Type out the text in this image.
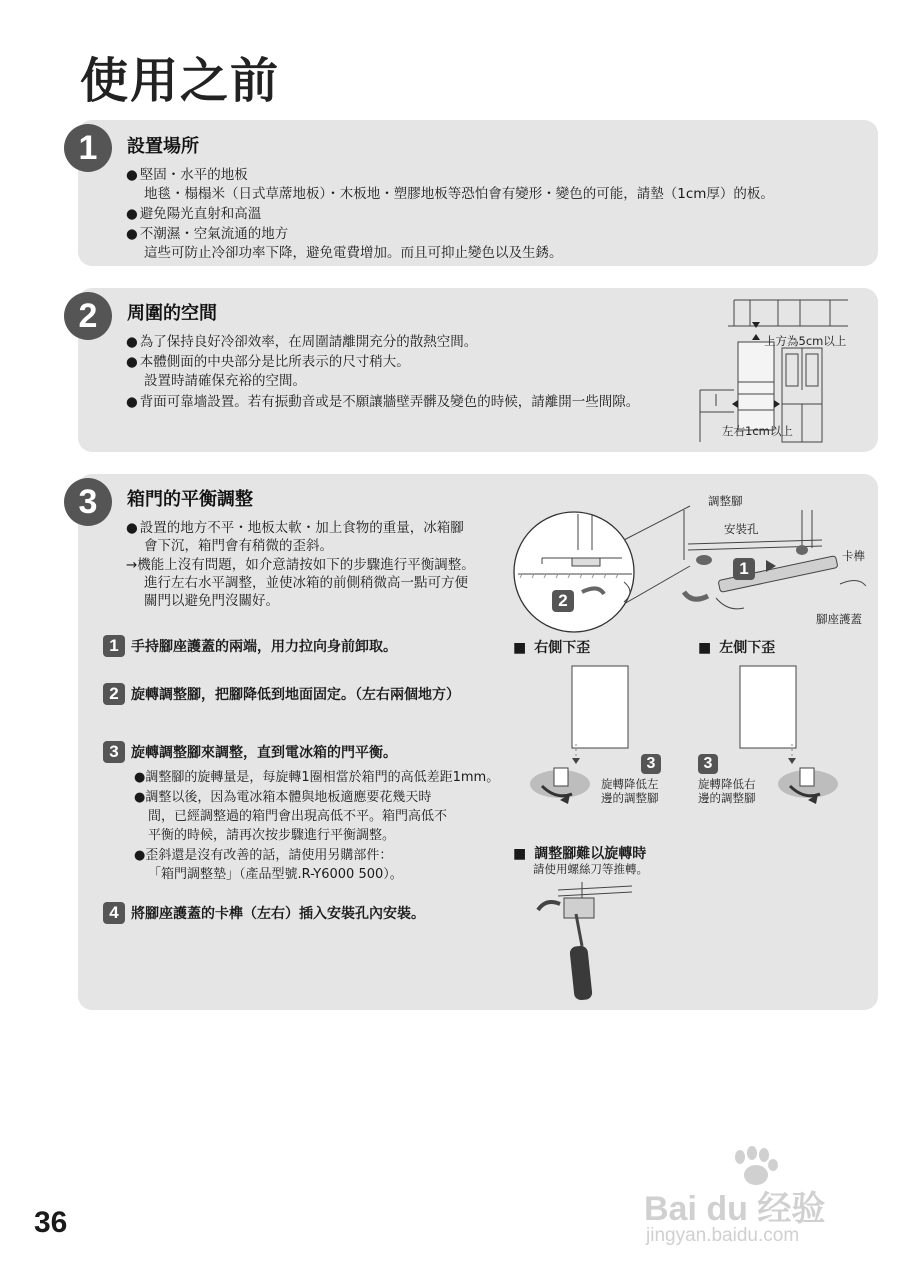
使用之前
1	設置場所
● 堅固・水平的地板
地毯・榻榻米（日式草蓆地板）・木板地・塑膠地板等恐怕會有變形・變色的可能，請墊（1cm厚）的板。
● 避免陽光直射和高溫
● 不潮濕・空氣流通的地方
這些可防止冷卻功率下降，避免電費增加。而且可抑止變色以及生銹。
2	周圍的空間
● 為了保持良好冷卻效率，在周圍請離開充分的散熱空間。
● 本體側面的中央部分是比所表示的尺寸稍大。
設置時請確保充裕的空間。
● 背面可靠墻設置。若有振動音或是不願讓牆壁弄髒及變色的時候，請離開一些間隙。
上方為5cm以上
左右1cm以上
3	箱門的平衡調整
● 設置的地方不平・地板太軟・加上食物的重量，冰箱腳
會下沉，箱門會有稍微的歪斜。
→機能上沒有問題，如介意請按如下的步驟進行平衡調整。
進行左右水平調整，並使冰箱的前側稍微高一點可方便
關門以避免門沒關好。
調整腳
安裝孔
卡榫
腳座護蓋
1
2
1 手持腳座護蓋的兩端，用力拉向身前卸取。
2 旋轉調整腳，把腳降低到地面固定。（左右兩個地方）
3 旋轉調整腳來調整，直到電冰箱的門平衡。
●調整腳的旋轉量是，每旋轉1圈相當於箱門的高低差距1mm。
●調整以後，因為電冰箱本體與地板適應要花幾天時
間，已經調整過的箱門會出現高低不平。箱門高低不
平衡的時候，請再次按步驟進行平衡調整。
●歪斜還是沒有改善的話，請使用另購部件：
「箱門調整墊」（產品型號.R-Y6000 500）。
4 將腳座護蓋的卡榫（左右）插入安裝孔內安裝。
■ 右側下歪
3
旋轉降低左
邊的調整腳
■ 左側下歪
3
旋轉降低右
邊的調整腳
■ 調整腳難以旋轉時
請使用螺絲刀等推轉。
36	Bai du 经验
jingyan.baidu.com
